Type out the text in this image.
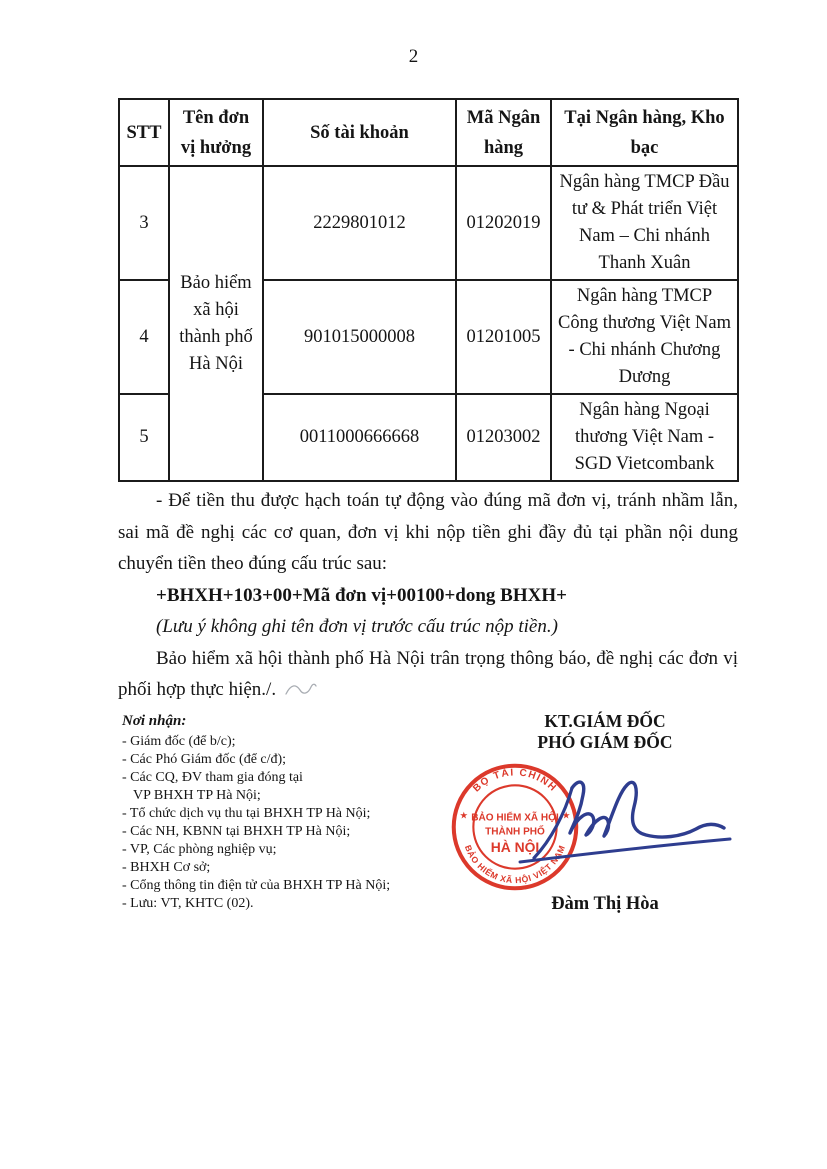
2
STT	Tên đơn vị hưởng	Số tài khoản	Mã Ngân hàng	Tại Ngân hàng, Kho bạc
3	Bảo hiểm xã hội thành phố Hà Nội	2229801012	01202019	Ngân hàng TMCP Đầu tư & Phát triển Việt Nam – Chi nhánh Thanh Xuân
4		901015000008	01201005	Ngân hàng TMCP Công thương Việt Nam - Chi nhánh Chương Dương
5		0011000666668	01203002	Ngân hàng Ngoại thương Việt Nam - SGD Vietcombank

- Để tiền thu được hạch toán tự động vào đúng mã đơn vị, tránh nhầm lẫn, sai mã đề nghị các cơ quan, đơn vị khi nộp tiền ghi đầy đủ tại phần nội dung chuyển tiền theo đúng cấu trúc sau:

+BHXH+103+00+Mã đơn vị+00100+dong BHXH+

(Lưu ý không ghi tên đơn vị trước cấu trúc nộp tiền.)

Bảo hiểm xã hội thành phố Hà Nội trân trọng thông báo, đề nghị các đơn vị phối hợp thực hiện./.

Nơi nhận:
- Giám đốc (để b/c);
- Các Phó Giám đốc (để c/đ);
- Các CQ, ĐV tham gia đóng tại
VP BHXH TP Hà Nội;
- Tổ chức dịch vụ thu tại BHXH TP Hà Nội;
- Các NH, KBNN tại BHXH TP Hà Nội;
- VP, Các phòng nghiệp vụ;
- BHXH Cơ sở;
- Cổng thông tin điện tử của BHXH TP Hà Nội;
- Lưu: VT, KHTC (02).
KT.GIÁM ĐỐC
PHÓ GIÁM ĐỐC
BỘ TÀI CHÍNH
BẢO HIỂM XÃ HỘI VIỆT NAM
★	★
BẢO HIỂM XÃ HỘI
THÀNH PHỐ
HÀ NỘI
Đàm Thị Hòa
